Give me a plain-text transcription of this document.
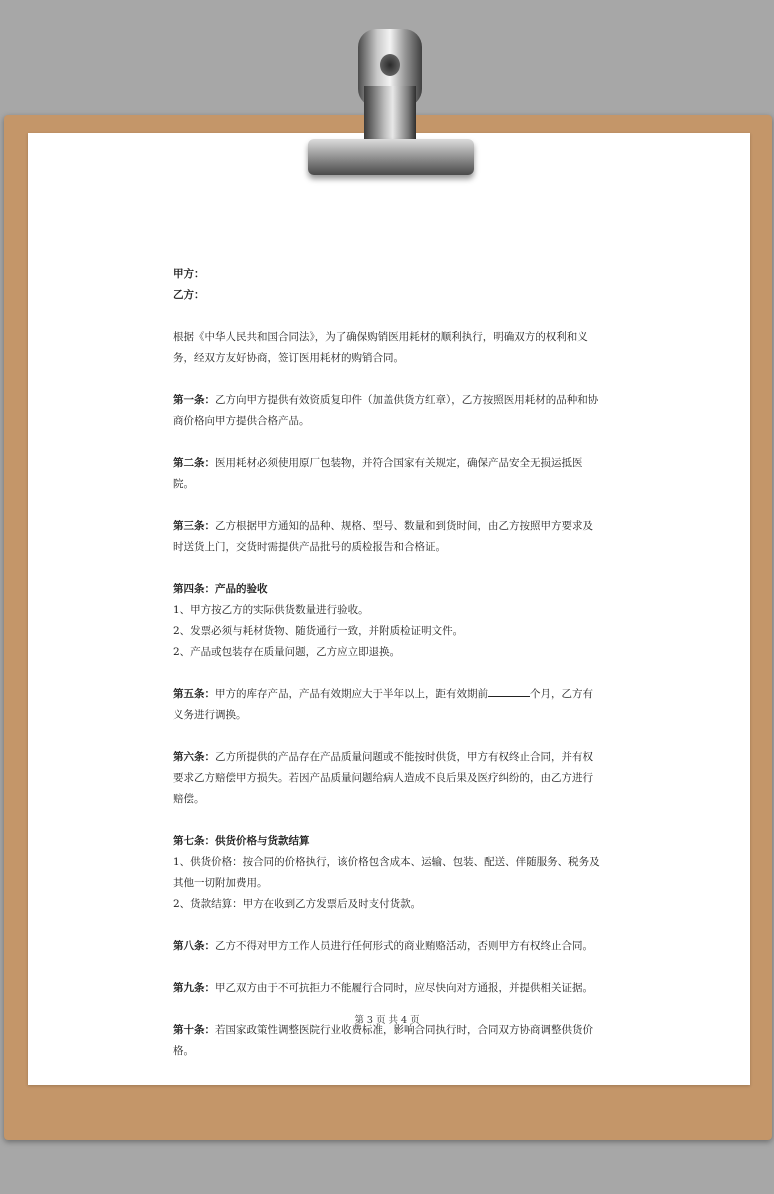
甲方：

乙方：

根据《中华人民共和国合同法》，为了确保购销医用耗材的顺利执行，明确双方的权利和义务，经双方友好协商，签订医用耗材的购销合同。

第一条：乙方向甲方提供有效资质复印件（加盖供货方红章），乙方按照医用耗材的品种和协商价格向甲方提供合格产品。

第二条：医用耗材必须使用原厂包装物，并符合国家有关规定，确保产品安全无损运抵医院。

第三条：乙方根据甲方通知的品种、规格、型号、数量和到货时间，由乙方按照甲方要求及时送货上门，交货时需提供产品批号的质检报告和合格证。

第四条：产品的验收

1、甲方按乙方的实际供货数量进行验收。

2、发票必须与耗材货物、随货通行一致，并附质检证明文件。

2、产品或包装存在质量问题，乙方应立即退换。

第五条：甲方的库存产品，产品有效期应大于半年以上，距有效期前	个月，乙方有义务进行调换。

第六条：乙方所提供的产品存在产品质量问题或不能按时供货，甲方有权终止合同，并有权要求乙方赔偿甲方损失。若因产品质量问题给病人造成不良后果及医疗纠纷的，由乙方进行赔偿。

第七条：供货价格与货款结算

1、供货价格：按合同的价格执行，该价格包含成本、运输、包装、配送、伴随服务、税务及其他一切附加费用。

2、货款结算：甲方在收到乙方发票后及时支付货款。

第八条：乙方不得对甲方工作人员进行任何形式的商业贿赂活动，否则甲方有权终止合同。

第九条：甲乙双方由于不可抗拒力不能履行合同时，应尽快向对方通报，并提供相关证据。

第十条：若国家政策性调整医院行业收费标准，影响合同执行时，合同双方协商调整供货价格。

第 3 页 共 4 页
